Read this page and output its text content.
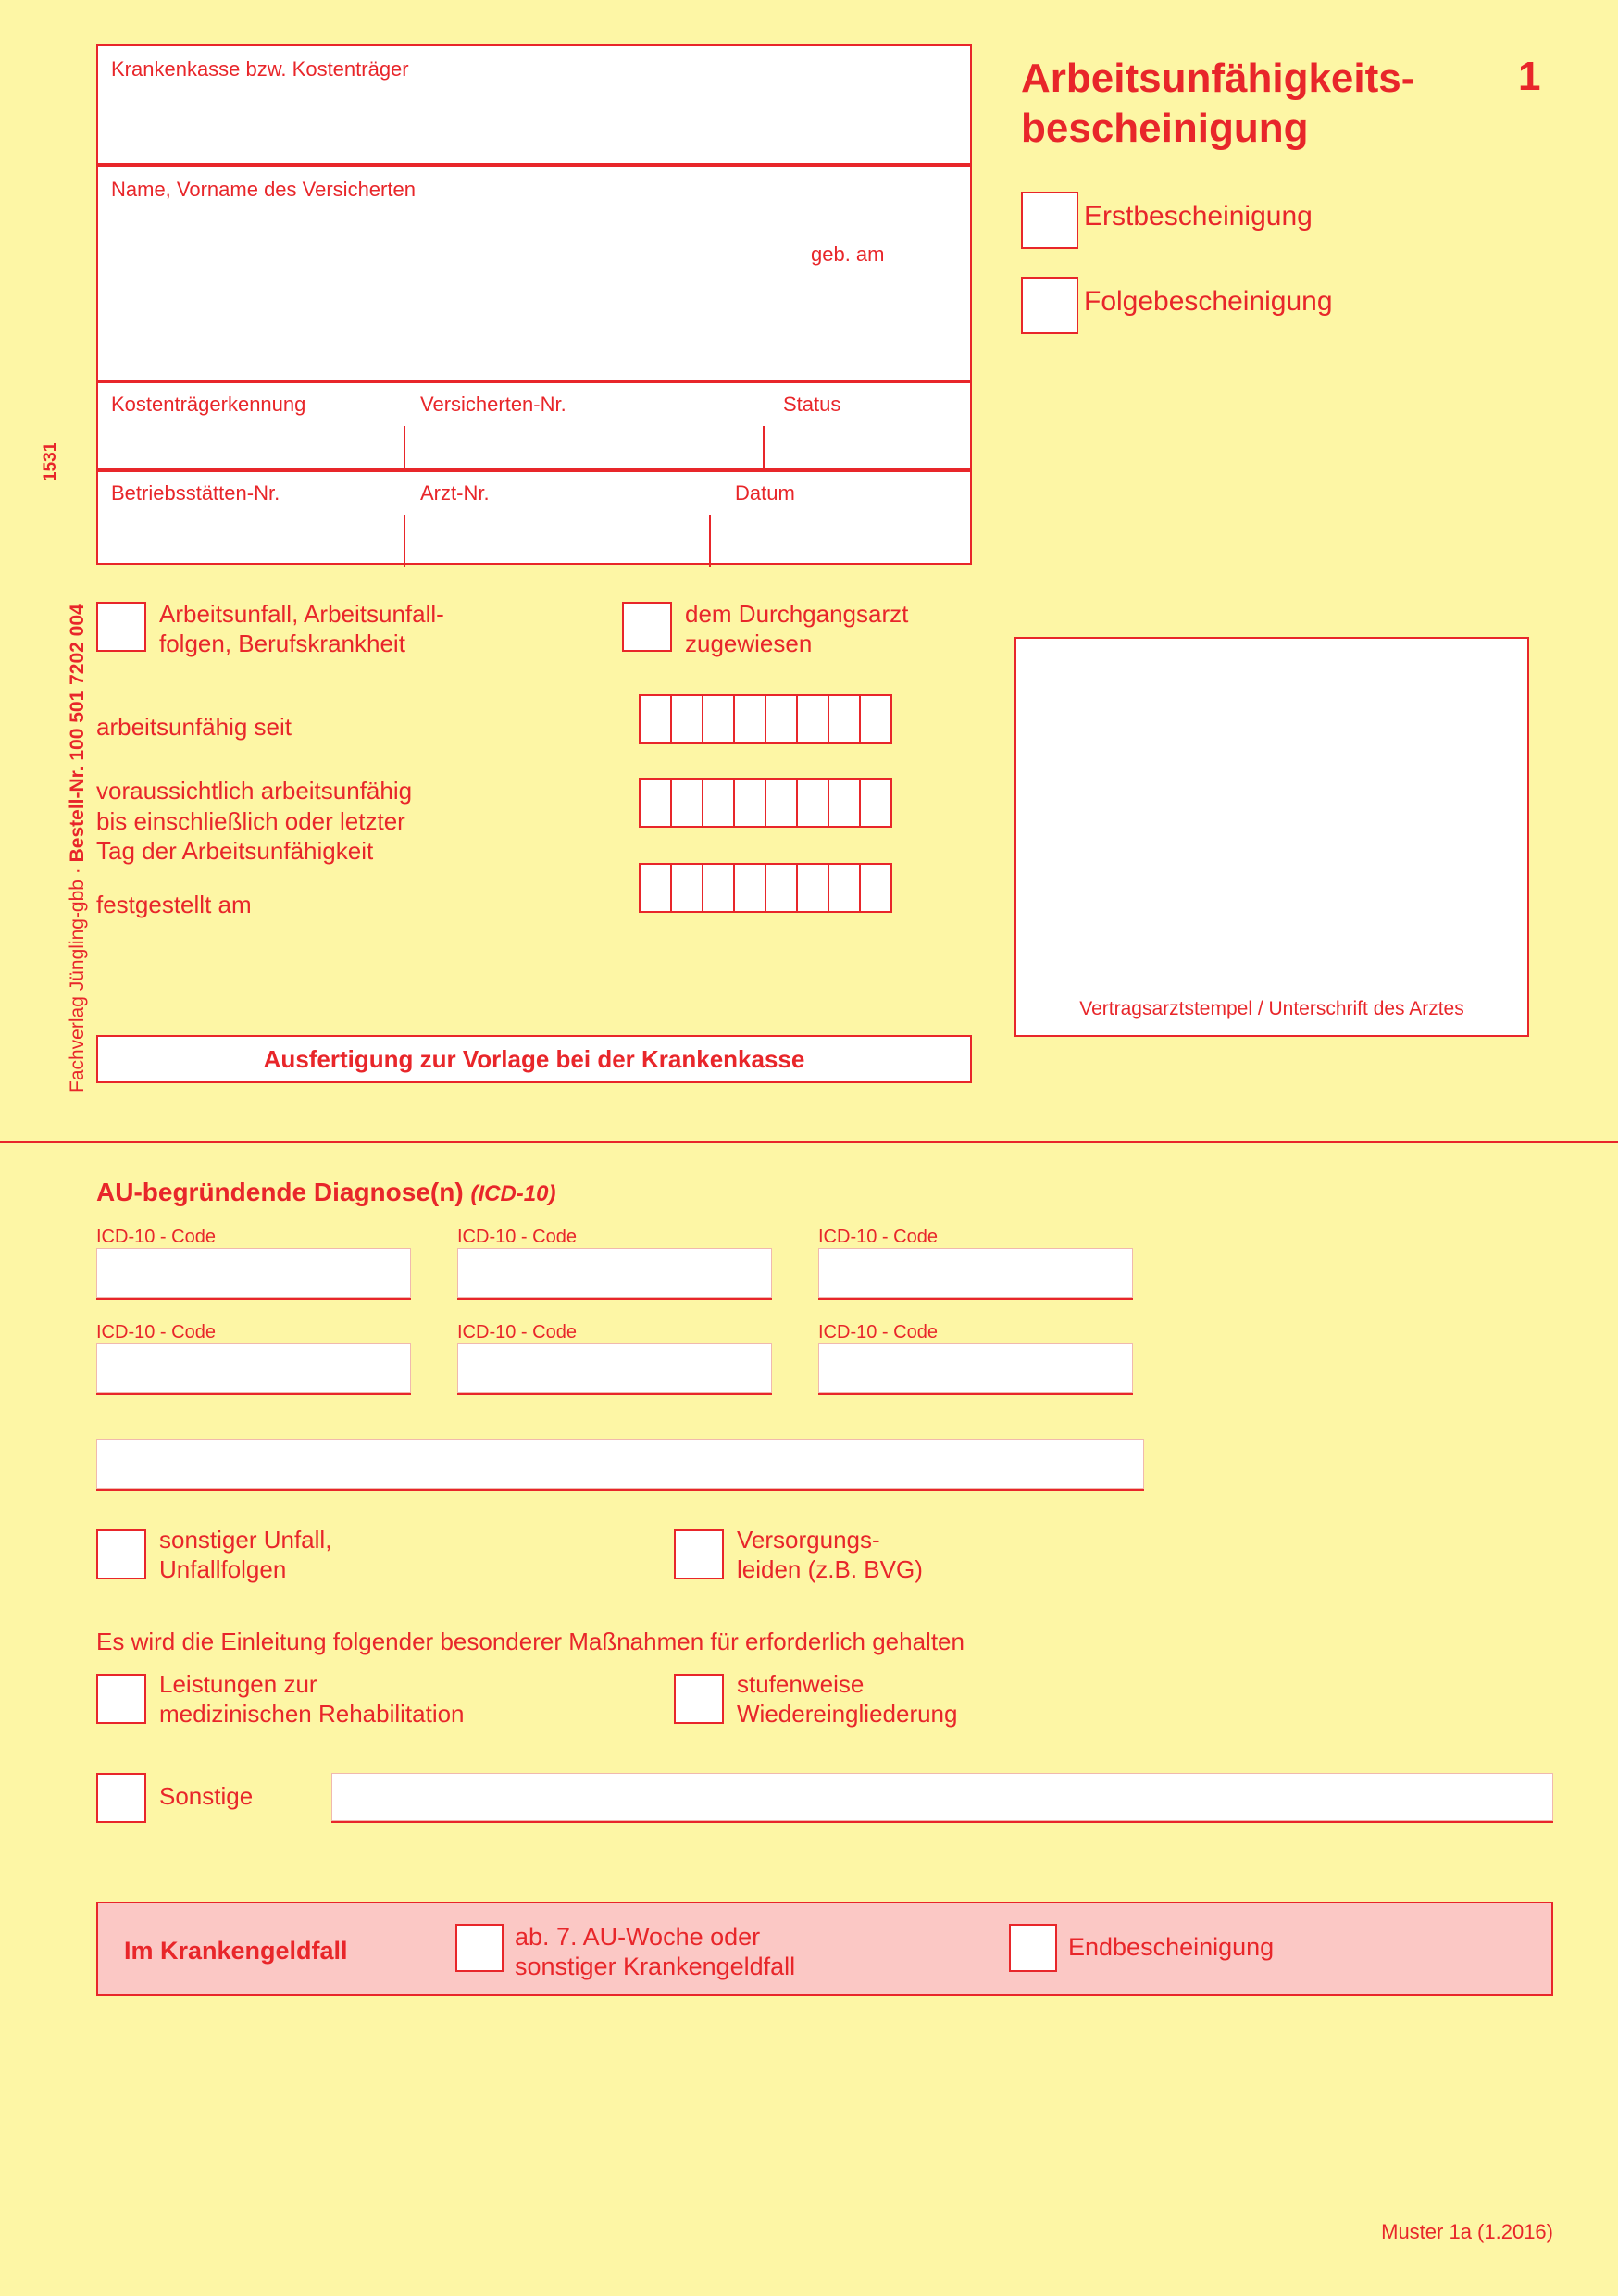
1531
Fachverlag Jüngling-gbb · Bestell-Nr. 100 501 7202 004
Krankenkasse bzw. Kostenträger
Name, Vorname des Versicherten
geb. am
Kostenträgerkennung	Versicherten-Nr.	Status
Betriebsstätten-Nr.	Arzt-Nr.	Datum
Arbeitsunfähigkeits-
bescheinigung
1
Erstbescheinigung
Folgebescheinigung
Arbeitsunfall, Arbeitsunfall-
folgen, Berufskrankheit
dem Durchgangsarzt
zugewiesen
arbeitsunfähig seit
voraussichtlich arbeitsunfähig
bis einschließlich oder letzter
Tag der Arbeitsunfähigkeit
festgestellt am
Vertragsarztstempel / Unterschrift des Arztes
Ausfertigung zur Vorlage bei der Krankenkasse
AU-begründende Diagnose(n) (ICD-10)
ICD-10 - Code	ICD-10 - Code	ICD-10 - Code
ICD-10 - Code	ICD-10 - Code	ICD-10 - Code
sonstiger Unfall,
Unfallfolgen
Versorgungs-
leiden (z.B. BVG)
Es wird die Einleitung folgender besonderer Maßnahmen für erforderlich gehalten
Leistungen zur
medizinischen Rehabilitation
stufenweise
Wiedereingliederung
Sonstige
Im Krankengeldfall	ab. 7. AU-Woche oder
sonstiger Krankengeldfall
Endbescheinigung
Muster 1a (1.2016)
